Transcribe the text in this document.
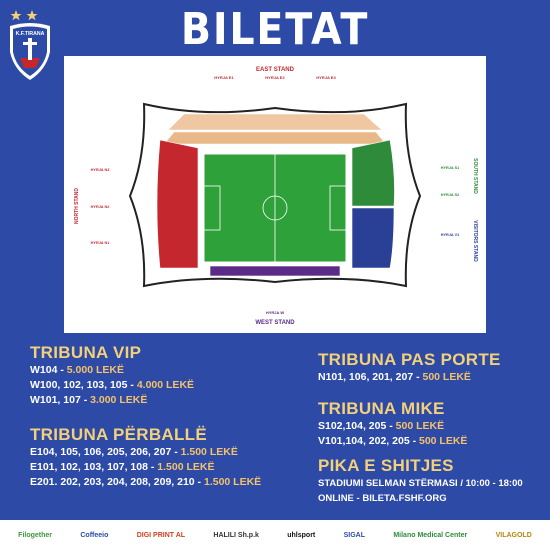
K.F.TIRANA	BILETAT
EAST STAND
HYRJA E1	HYRJA E2	HYRJA E3
WEST STAND
HYRJA W
NORTH STAND
HYRJA N3
HYRJA N2
HYRJA N1
SOUTH STAND
VISITORS STAND
HYRJA S1
HYRJA S2
HYRJA V1
TRIBUNA VIP
W104 - 5.000 LEKË
W100, 102, 103, 105 - 4.000 LEKË
W101, 107 - 3.000 LEKË
TRIBUNA PËRBALLË
E104, 105, 106, 205, 206, 207 - 1.500 LEKË
E101, 102, 103, 107, 108 - 1.500 LEKË
E201. 202, 203, 204, 208, 209, 210 - 1.500 LEKË
TRIBUNA PAS PORTE
N101, 106, 201, 207 - 500 LEKË
TRIBUNA MIKE
S102,104, 205 - 500 LEKË
V101,104, 202, 205 - 500 LEKË
PIKA E SHITJES
STADIUMI SELMAN STËRMASI / 10:00 - 18:00
ONLINE - BILETA.FSHF.ORG
Filogether	Coffeeio	DIGI PRINT AL	HALILI Sh.p.k	uhlsport	SIGAL	Milano Medical Center	VILAGOLD
